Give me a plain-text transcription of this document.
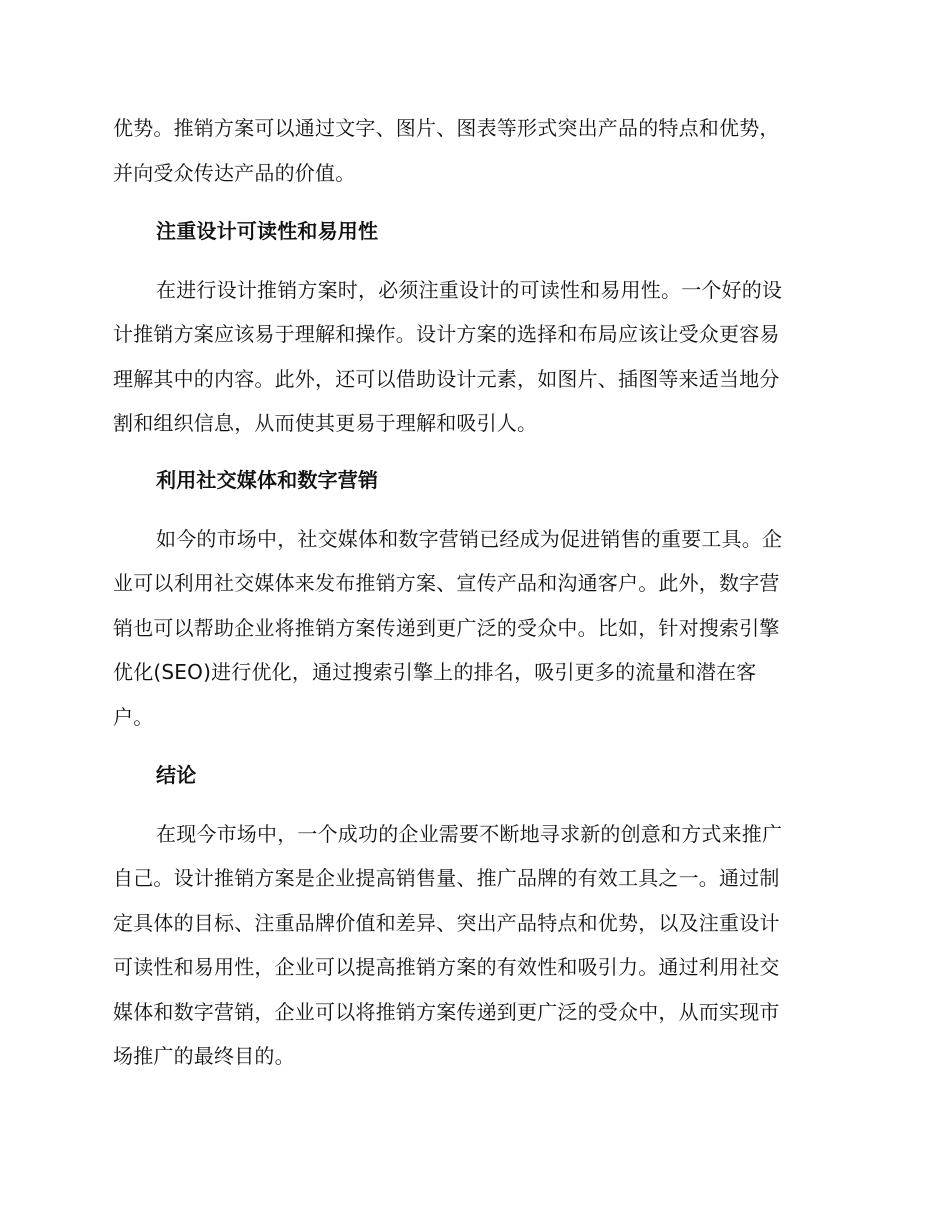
优势。推销方案可以通过文字、图片、图表等形式突出产品的特点和优势，
并向受众传达产品的价值。
注重设计可读性和易用性
在进行设计推销方案时，必须注重设计的可读性和易用性。一个好的设
计推销方案应该易于理解和操作。设计方案的选择和布局应该让受众更容易
理解其中的内容。此外，还可以借助设计元素，如图片、插图等来适当地分
割和组织信息，从而使其更易于理解和吸引人。
利用社交媒体和数字营销
如今的市场中，社交媒体和数字营销已经成为促进销售的重要工具。企
业可以利用社交媒体来发布推销方案、宣传产品和沟通客户。此外，数字营
销也可以帮助企业将推销方案传递到更广泛的受众中。比如，针对搜索引擎
优化(SEO)进行优化，通过搜索引擎上的排名，吸引更多的流量和潜在客
户。
结论
在现今市场中，一个成功的企业需要不断地寻求新的创意和方式来推广
自己。设计推销方案是企业提高销售量、推广品牌的有效工具之一。通过制
定具体的目标、注重品牌价值和差异、突出产品特点和优势，以及注重设计
可读性和易用性，企业可以提高推销方案的有效性和吸引力。通过利用社交
媒体和数字营销，企业可以将推销方案传递到更广泛的受众中，从而实现市
场推广的最终目的。
